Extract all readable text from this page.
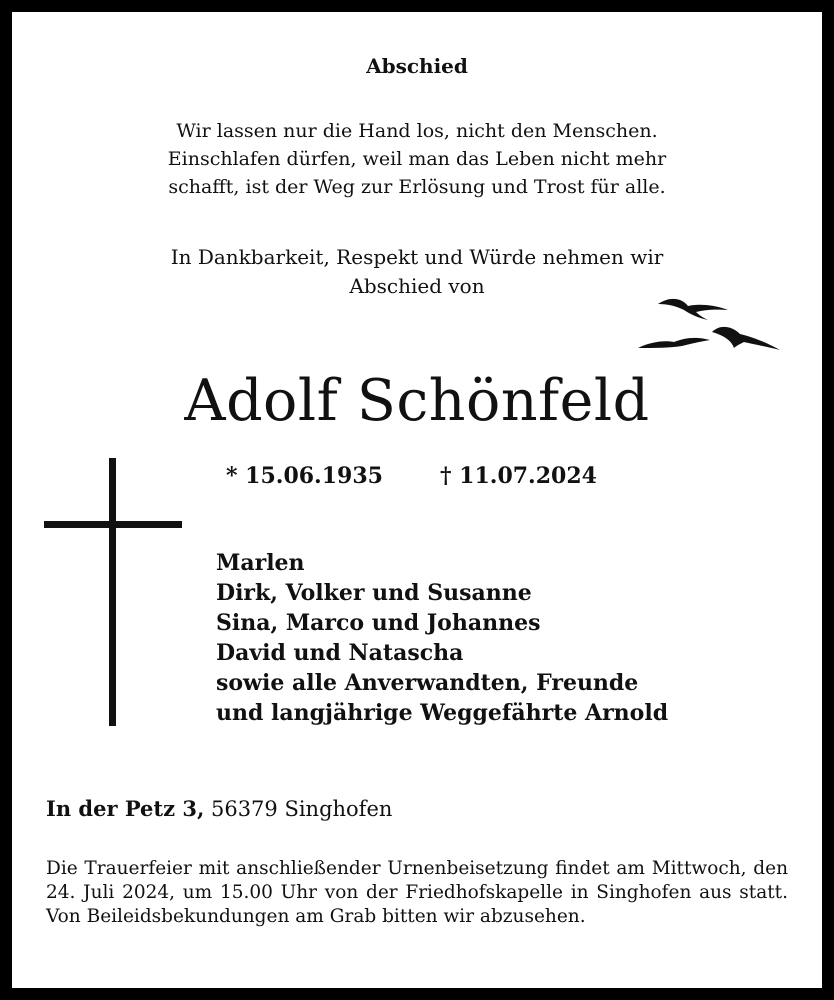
Abschied
Wir lassen nur die Hand los, nicht den Menschen.
Einschlafen dürfen, weil man das Leben nicht mehr
schafft, ist der Weg zur Erlösung und Trost für alle.
In Dankbarkeit, Respekt und Würde nehmen wir
Abschied von
Adolf Schönfeld
* 15.06.1935	† 11.07.2024
Marlen
Dirk, Volker und Susanne
Sina, Marco und Johannes
David und Natascha
sowie alle Anverwandten, Freunde
und langjährige Weggefährte Arnold
In der Petz 3, 56379 Singhofen
Die Trauerfeier mit anschließender Urnenbeisetzung findet am Mittwoch, den 24. Juli 2024, um 15.00 Uhr von der Friedhofskapelle in Singhofen aus statt. Von Beileidsbekundungen am Grab bitten wir abzusehen.
